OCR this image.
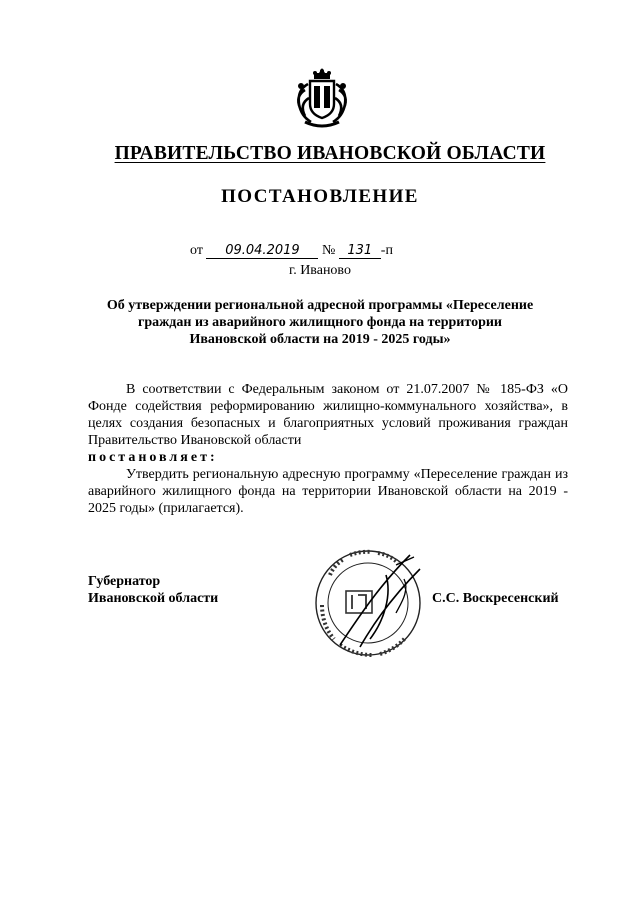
ПРАВИТЕЛЬСТВО ИВАНОВСКОЙ ОБЛАСТИ
ПОСТАНОВЛЕНИЕ
от 09.04.2019 № 131 -п
г. Иваново
Об утверждении региональной адресной программы «Переселение
граждан из аварийного жилищного фонда на территории
Ивановской области на 2019 - 2025 годы»
В соответствии с Федеральным законом от 21.07.2007 № 185-ФЗ «О Фонде содействия реформированию жилищно-коммунального хозяйства», в целях создания безопасных и благоприятных условий проживания граждан Правительство Ивановской области
постановляет:
Утвердить региональную адресную программу «Переселение граждан из аварийного жилищного фонда на территории Ивановской области на 2019 - 2025 годы» (прилагается).
Губернатор
Ивановской области	С.С. Воскресенский
